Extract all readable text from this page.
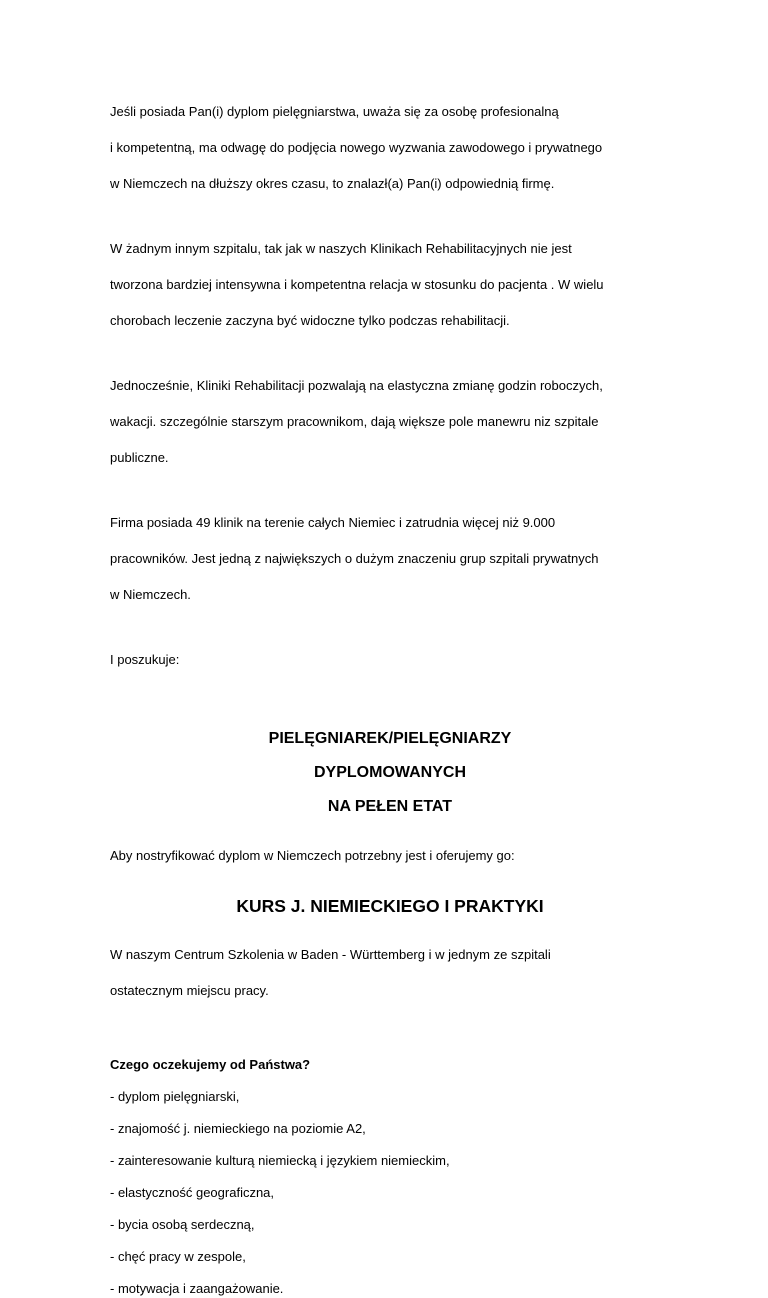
Jeśli posiada Pan(i) dyplom pielęgniarstwa, uważa się za osobę profesionalną

i kompetentną, ma odwagę do podjęcia nowego wyzwania zawodowego i prywatnego

w Niemczech na dłuższy okres czasu, to znalazł(a) Pan(i) odpowiednią firmę.

W żadnym innym szpitalu, tak jak w naszych Klinikach Rehabilitacyjnych nie jest

tworzona bardziej intensywna i kompetentna relacja w stosunku do pacjenta . W wielu

chorobach leczenie zaczyna być widoczne tylko podczas rehabilitacji.

Jednocześnie, Kliniki Rehabilitacji pozwalają na elastyczna zmianę godzin roboczych,

wakacji. szczególnie starszym pracownikom, dają większe pole manewru niz szpitale

publiczne.

Firma posiada 49 klinik na terenie całych Niemiec i zatrudnia więcej niż 9.000

pracowników. Jest jedną z największych o dużym znaczeniu grup szpitali prywatnych

w Niemczech.

I poszukuje:

PIELĘGNIAREK/PIELĘGNIARZY

DYPLOMOWANYCH

NA PEŁEN ETAT

Aby nostryfikować dyplom w Niemczech potrzebny jest i oferujemy go:

KURS J. NIEMIECKIEGO I PRAKTYKI

W naszym Centrum Szkolenia w Baden - Württemberg i w jednym ze szpitali

ostatecznym miejscu pracy.

Czego oczekujemy od Państwa?

- dyplom pielęgniarski,

- znajomość j. niemieckiego na poziomie A2,

- zainteresowanie kulturą niemiecką i językiem niemieckim,

- elastyczność geograficzna,

- bycia osobą serdeczną,

- chęć pracy w zespole,

- motywacja i zaangażowanie.
